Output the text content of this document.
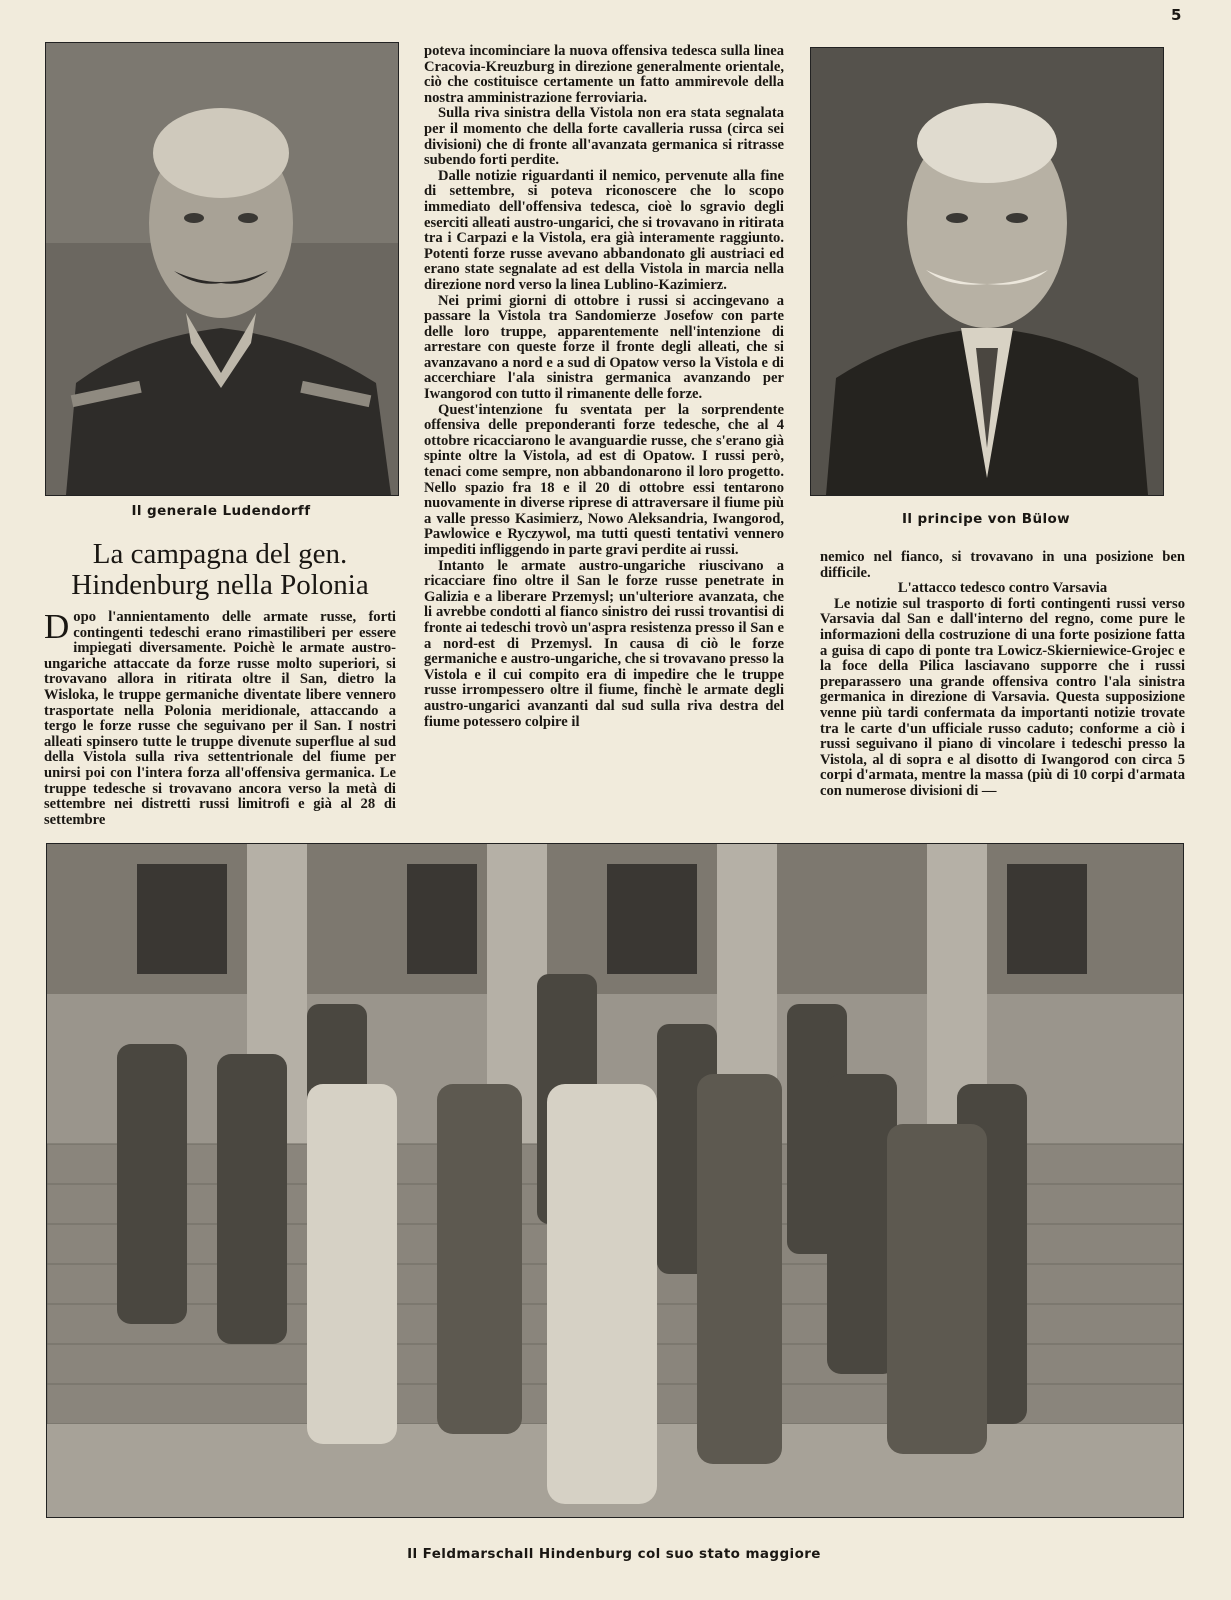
5
Il generale Ludendorff
La campagna del gen.
Hindenburg nella Polonia

Dopo l'annientamento delle armate russe, forti contingenti tedeschi erano rimastiliberi per essere impiegati diversamente. Poichè le armate austro-ungariche attaccate da forze russe molto superiori, si trovavano allora in ritirata oltre il San, dietro la Wisloka, le truppe germaniche diventate libere vennero trasportate nella Polonia meridionale, attaccando a tergo le forze russe che seguivano per il San. I nostri alleati spinsero tutte le truppe divenute superflue al sud della Vistola sulla riva settentrionale del fiume per unirsi poi con l'intera forza all'offensiva germanica. Le truppe tedesche si trovavano ancora verso la metà di settembre nei distretti russi limitrofi e già al 28 di settembre

poteva incominciare la nuova offensiva tedesca sulla linea Cracovia-Kreuzburg in direzione generalmente orientale, ciò che costituisce certamente un fatto ammirevole della nostra amministrazione ferroviaria.

Sulla riva sinistra della Vistola non era stata segnalata per il momento che della forte cavalleria russa (circa sei divisioni) che di fronte all'avanzata germanica si ritrasse subendo forti perdite.

Dalle notizie riguardanti il nemico, pervenute alla fine di settembre, si poteva riconoscere che lo scopo immediato dell'offensiva tedesca, cioè lo sgravio degli eserciti alleati austro-ungarici, che si trovavano in ritirata tra i Carpazi e la Vistola, era già interamente raggiunto. Potenti forze russe avevano abbandonato gli austriaci ed erano state segnalate ad est della Vistola in marcia nella direzione nord verso la linea Lublino-Kazimierz.

Nei primi giorni di ottobre i russi si accingevano a passare la Vistola tra Sandomierze Josefow con parte delle loro truppe, apparentemente nell'intenzione di arrestare con queste forze il fronte degli alleati, che si avanzavano a nord e a sud di Opatow verso la Vistola e di accerchiare l'ala sinistra germanica avanzando per Iwangorod con tutto il rimanente delle forze.

Quest'intenzione fu sventata per la sorprendente offensiva delle preponderanti forze tedesche, che al 4 ottobre ricacciarono le avanguardie russe, che s'erano già spinte oltre la Vistola, ad est di Opatow. I russi però, tenaci come sempre, non abbandonarono il loro progetto. Nello spazio fra 18 e il 20 di ottobre essi tentarono nuovamente in diverse riprese di attraversare il fiume più a valle presso Kasimierz, Nowo Aleksandria, Iwangorod, Pawlowice e Ryczywol, ma tutti questi tentativi vennero impediti infliggendo in parte gravi perdite ai russi.

Intanto le armate austro-ungariche riuscivano a ricacciare fino oltre il San le forze russe penetrate in Galizia e a liberare Przemysl; un'ulteriore avanzata, che li avrebbe condotti al fianco sinistro dei russi trovantisi di fronte ai tedeschi trovò un'aspra resistenza presso il San e a nord-est di Przemysl. In causa di ciò le forze germaniche e austro-ungariche, che si trovavano presso la Vistola e il cui compito era di impedire che le truppe russe irrompessero oltre il fiume, finchè le armate degli austro-ungarici avanzanti dal sud sulla riva destra del fiume potessero colpire il

Il principe von Bülow

nemico nel fianco, si trovavano in una posizione ben difficile.

L'attacco tedesco contro Varsavia

Le notizie sul trasporto di forti contingenti russi verso Varsavia dal San e dall'interno del regno, come pure le informazioni della costruzione di una forte posizione fatta a guisa di capo di ponte tra Lowicz-Skierniewice-Grojec e la foce della Pilica lasciavano supporre che i russi preparassero una grande offensiva contro l'ala sinistra germanica in direzione di Varsavia. Questa supposizione venne più tardi confermata da importanti notizie trovate tra le carte d'un ufficiale russo caduto; conforme a ciò i russi seguivano il piano di vincolare i tedeschi presso la Vistola, al di sopra e al disotto di Iwangorod con circa 5 corpi d'armata, mentre la massa (più di 10 corpi d'armata con numerose divisioni di —

Il Feldmarschall Hindenburg col suo stato maggiore
